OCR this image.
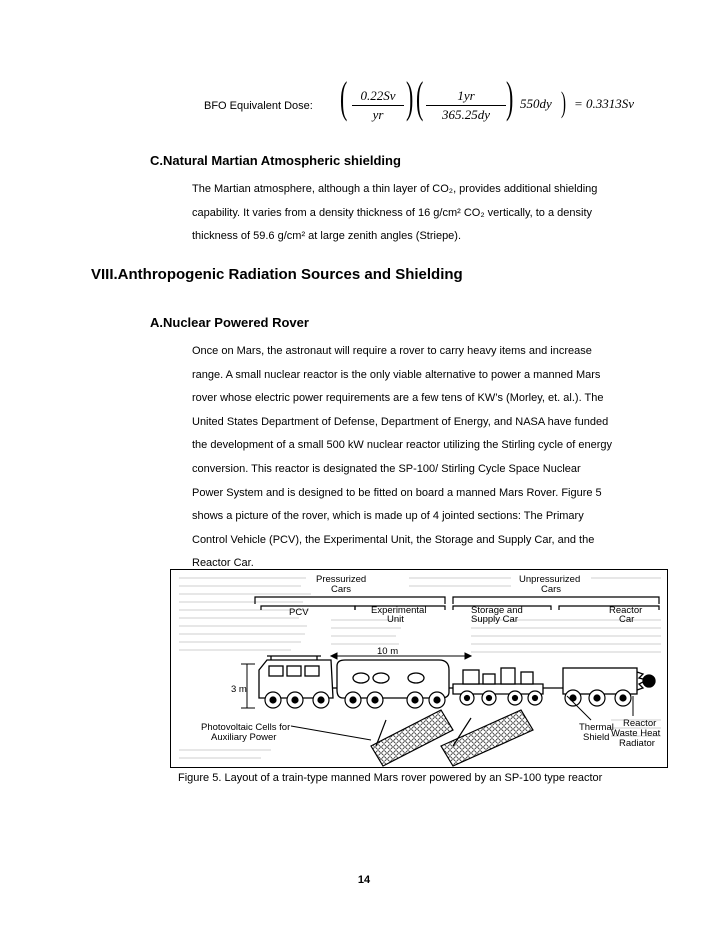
BFO Equivalent Dose: ( $\frac{0.22Sv}{yr}$ ) ( $\frac{1yr}{365.25dy}$ ) 550dy ) = 0.3313Sv
C.Natural Martian Atmospheric shielding
The Martian atmosphere, although a thin layer of CO₂, provides additional shielding
capability. It varies from a density thickness of 16 g/cm² CO₂ vertically, to a density
thickness of 59.6 g/cm² at large zenith angles (Striepe).
VIII.Anthropogenic Radiation Sources and Shielding
A.Nuclear Powered Rover
Once on Mars, the astronaut will require a rover to carry heavy items and increase
range. A small nuclear reactor is the only viable alternative to power a manned Mars
rover whose electric power requirements are a few tens of KW’s (Morley, et. al.). The
United States Department of Defense, Department of Energy, and NASA have funded
the development of a small 500 kW nuclear reactor utilizing the Stirling cycle of energy
conversion. This reactor is designated the SP-100/ Stirling Cycle Space Nuclear
Power System and is designed to be fitted on board a manned Mars Rover. Figure 5
shows a picture of the rover, which is made up of 4 jointed sections: The Primary
Control Vehicle (PCV), the Experimental Unit, the Storage and Supply Car, and the
Reactor Car.
Pressurized
Cars
Unpressurized
Cars
PCV	Experimental
Unit
Storage and
Supply Car
Reactor
Car
10 m
3 m
Photovoltaic Cells for
Auxiliary Power
Thermal
Shield
Reactor
Waste Heat
Radiator
Figure 5. Layout of a train-type manned Mars rover powered by an SP-100 type reactor
14
